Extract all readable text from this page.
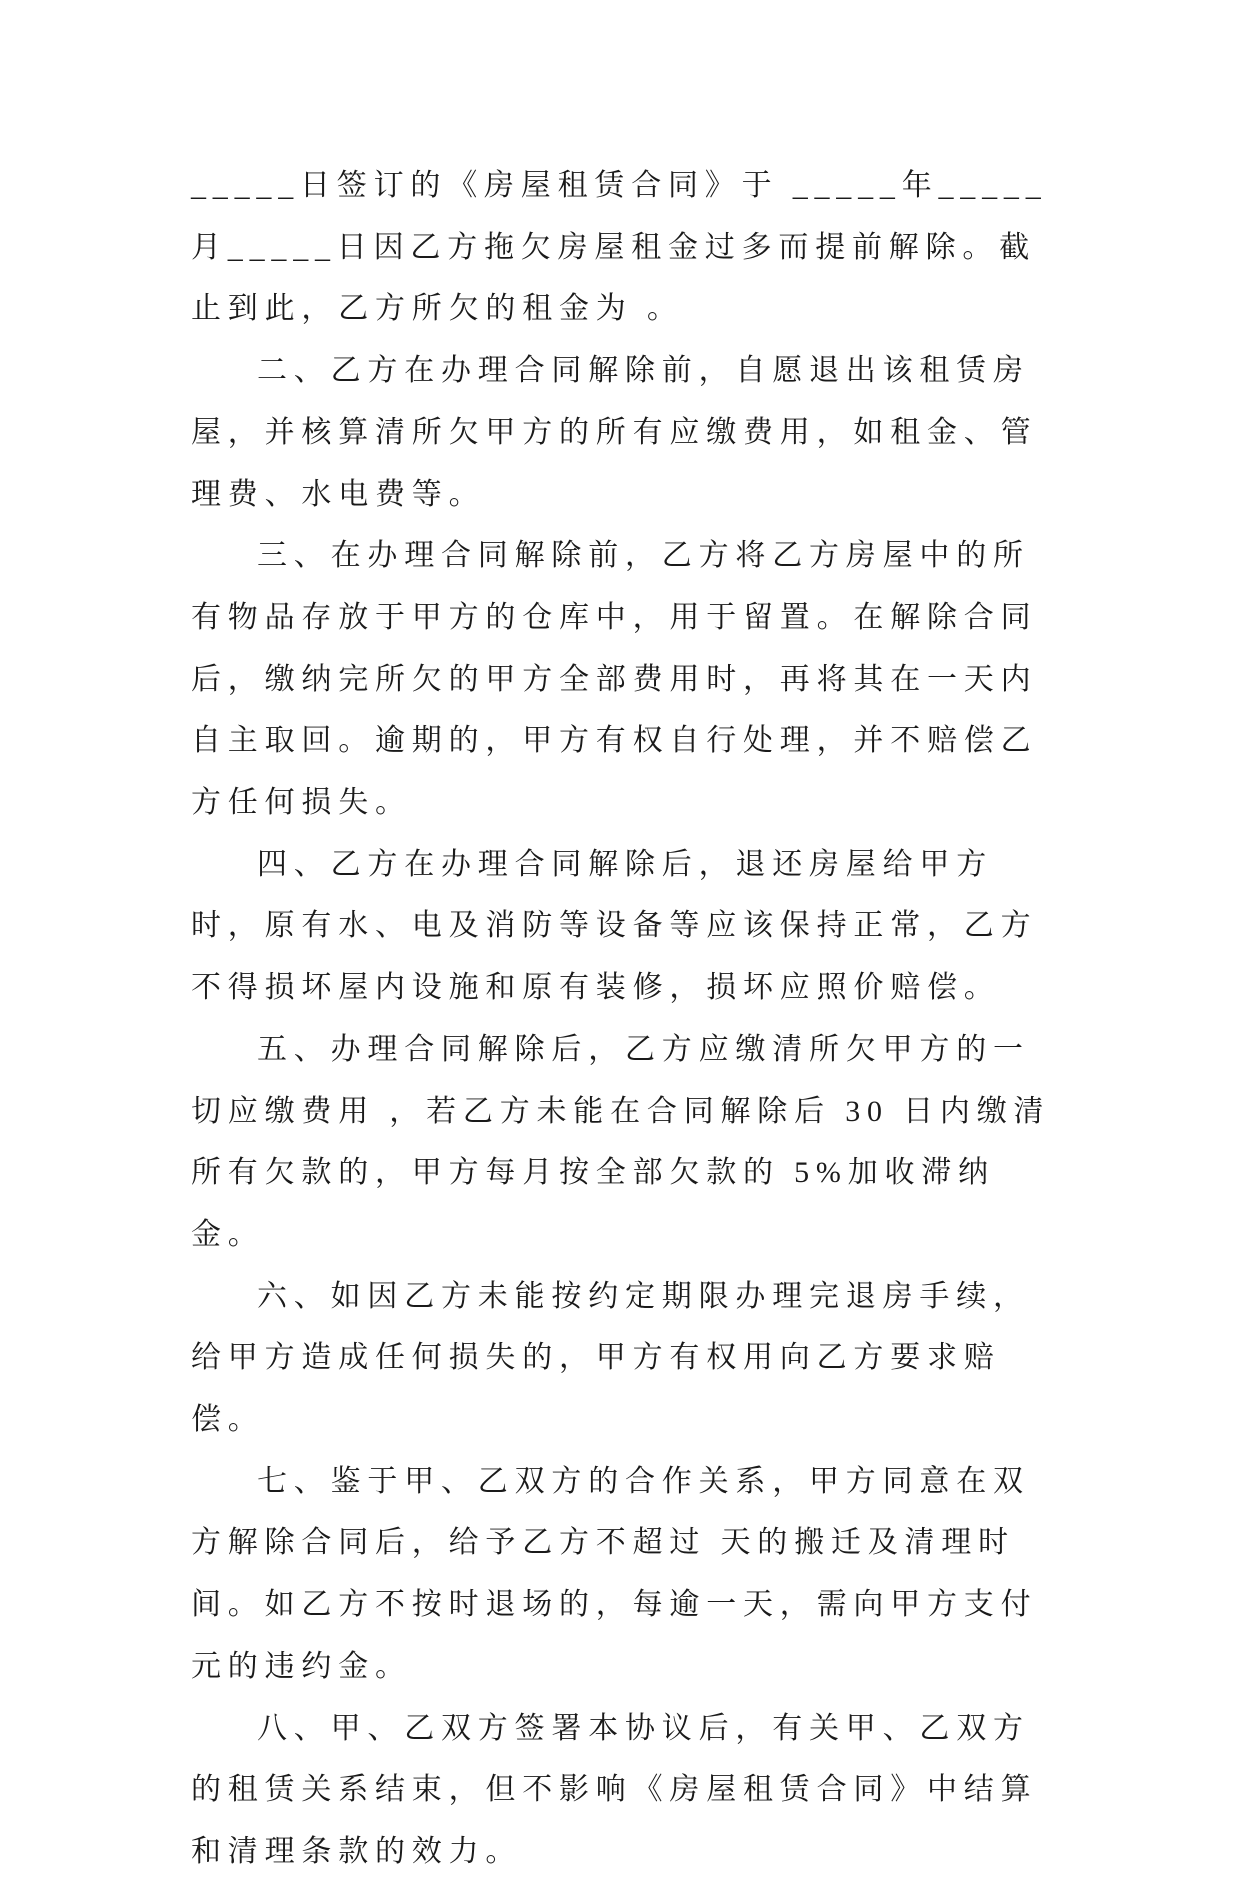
_____日签订的《房屋租赁合同》于 _____年_____月_____日因乙方拖欠房屋租金过多而提前解除。截止到此，乙方所欠的租金为 。

二、乙方在办理合同解除前，自愿退出该租赁房屋，并核算清所欠甲方的所有应缴费用，如租金、管理费、水电费等。

三、在办理合同解除前，乙方将乙方房屋中的所有物品存放于甲方的仓库中，用于留置。在解除合同后，缴纳完所欠的甲方全部费用时，再将其在一天内自主取回。逾期的，甲方有权自行处理，并不赔偿乙方任何损失。

四、乙方在办理合同解除后，退还房屋给甲方时，原有水、电及消防等设备等应该保持正常，乙方不得损坏屋内设施和原有装修，损坏应照价赔偿。

五、办理合同解除后，乙方应缴清所欠甲方的一切应缴费用 ，若乙方未能在合同解除后 30 日内缴清所有欠款的，甲方每月按全部欠款的 5%加收滞纳金。

六、如因乙方未能按约定期限办理完退房手续，给甲方造成任何损失的，甲方有权用向乙方要求赔偿。

七、鉴于甲、乙双方的合作关系，甲方同意在双方解除合同后，给予乙方不超过 天的搬迁及清理时间。如乙方不按时退场的，每逾一天，需向甲方支付 元的违约金。

八、甲、乙双方签署本协议后，有关甲、乙双方的租赁关系结束，但不影响《房屋租赁合同》中结算和清理条款的效力。
